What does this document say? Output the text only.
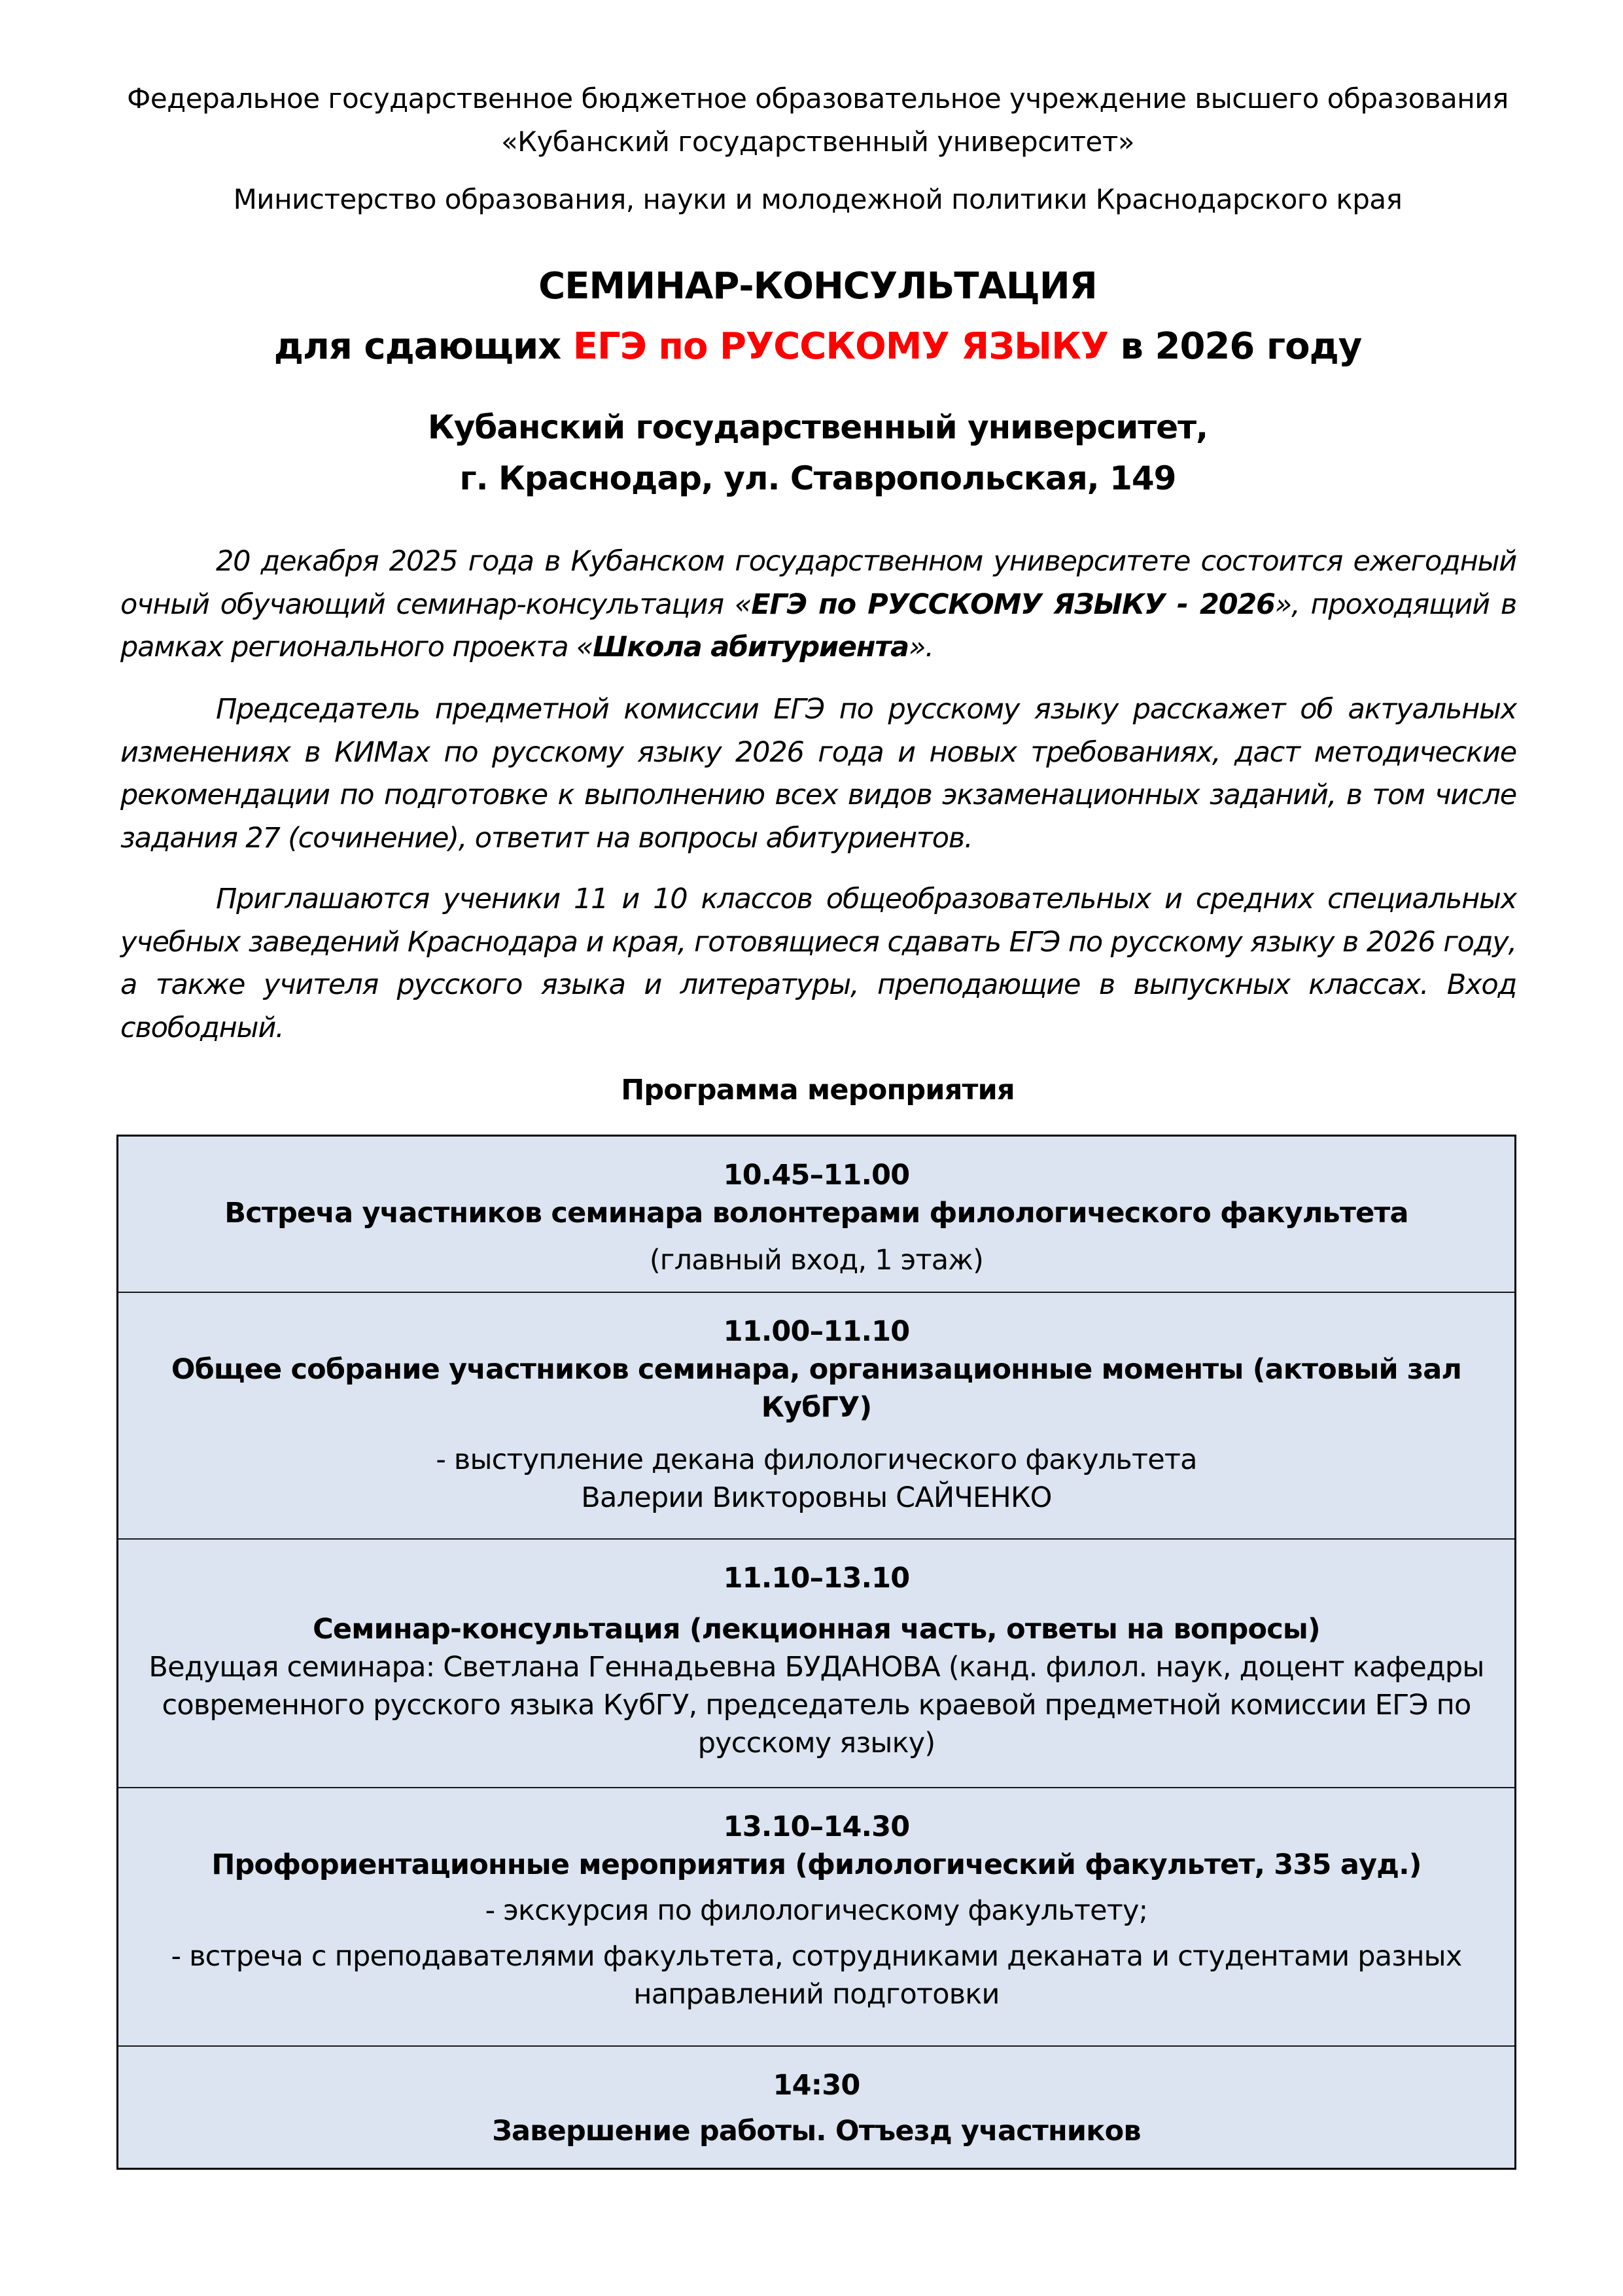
Федеральное государственное бюджетное образовательное учреждение высшего образования «Кубанский государственный университет»
Министерство образования, науки и молодежной политики Краснодарского края
СЕМИНАР-КОНСУЛЬТАЦИЯ
для сдающих ЕГЭ по РУССКОМУ ЯЗЫКУ в 2026 году
Кубанский государственный университет,
г. Краснодар, ул. Ставропольская, 149

20 декабря 2025 года в Кубанском государственном университете состоится ежегодный очный обучающий семинар-консультация «ЕГЭ по РУССКОМУ ЯЗЫКУ - 2026», проходящий в рамках регионального проекта «Школа абитуриента».

Председатель предметной комиссии ЕГЭ по русскому языку расскажет об актуальных изменениях в КИМах по русскому языку 2026 года и новых требованиях, даст методические рекомендации по подготовке к выполнению всех видов экзаменационных заданий, в том числе задания 27 (сочинение), ответит на вопросы абитуриентов.

Приглашаются ученики 11 и 10 классов общеобразовательных и средних специальных учебных заведений Краснодара и края, готовящиеся сдавать ЕГЭ по русскому языку в 2026 году, а также учителя русского языка и литературы, преподающие в выпускных классах. Вход свободный.

Программа мероприятия
10.45–11.00
Встреча участников семинара волонтерами филологического факультета
(главный вход, 1 этаж)
11.00–11.10
Общее собрание участников семинара, организационные моменты (актовый зал КубГУ)
- выступление декана филологического факультета
Валерии Викторовны САЙЧЕНКО
11.10–13.10
Семинар-консультация (лекционная часть, ответы на вопросы)
Ведущая семинара: Светлана Геннадьевна БУДАНОВА (канд. филол. наук, доцент кафедры современного русского языка КубГУ, председатель краевой предметной комиссии ЕГЭ по русскому языку)
13.10–14.30
Профориентационные мероприятия (филологический факультет, 335 ауд.)
- экскурсия по филологическому факультету;
- встреча с преподавателями факультета, сотрудниками деканата и студентами разных направлений подготовки
14:30
Завершение работы. Отъезд участников
